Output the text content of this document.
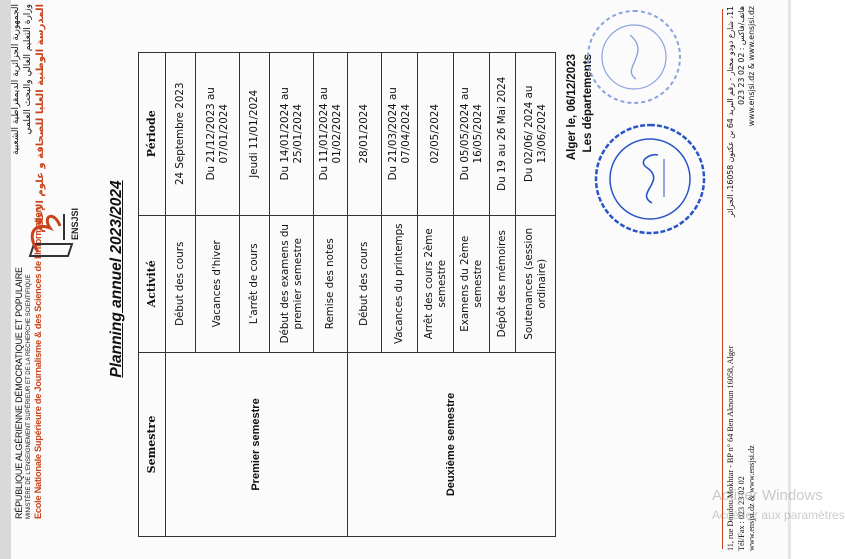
RÉPUBLIQUE ALGÉRIENNE DÉMOCRATIQUE ET POPULAIRE MINISTÈRE DE L'ENSEIGNEMENT SUPÉRIEUR ET DE LA RECHERCHE SCIENTIFIQUE Ecole Nationale Supérieure de Journalisme & des Sciences de l'Information	ENSJSI
الجمهورية الجزائرية الديمقراطية الشعبية وزارة التعليم العالي والبحث العلمي المدرسة الوطنية العليا للصحافة و علوم الإعلام
Planning annuel 2023/2024
Semestre	Activité	Période
Premier semestre	Début des cours	24 Septembre 2023
	Vacances d'hiver	Du 21/12/2023 au 07/01/2024
	L'arrêt de cours	Jeudi 11/01/2024
	Début des examens du premier semestre	Du 14/01/2024 au 25/01/2024
	Remise des notes	Du 11/01/2024 au 01/02/2024
Deuxième semestre	Début des cours	28/01/2024
	Vacances du printemps	Du 21/03/2024 au 07/04/2024
	Arrêt des cours 2ème semestre	02/05/2024
	Examens du 2ème semestre	Du 05/05/2024 au 16/05/2024
	Dépôt des mémoires	Du 19 au 26 Mai 2024
	Soutenances (session ordinaire)	Du 02/06/ 2024 au 13/06/2024 Alger le, 06/12/2023 Les départements
11, rue Doudou Mokhtar - BP n° 64 Ben Aknoun 16058, Alger Tél/Fax : 023 23 02 02 www.ensjsi.dz & www.ensjsi.dz
11، شارع دودو مختار - رقم البريد 64 بن عكنون 16058، الجزائر
هاتف/فاكس : 02 02 23 023 www.ensjsi.dz & www.ensjsi.dz
Activer Windows
Accédez aux paramètres
